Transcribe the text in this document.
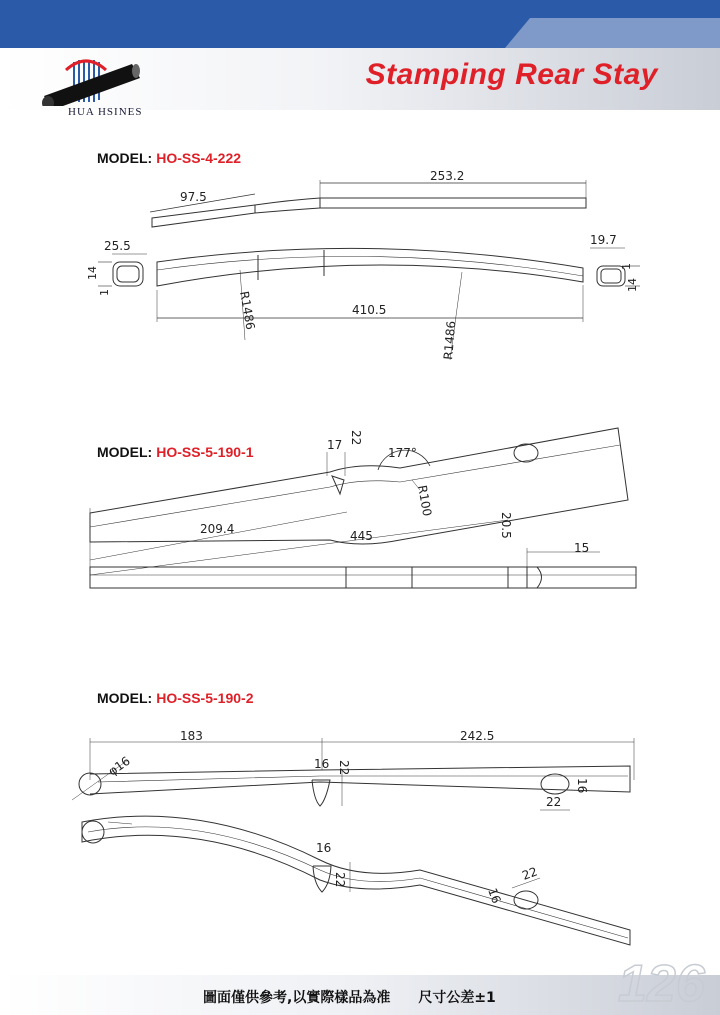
Stamping Rear Stay
HUA HSINES
MODEL: HO-SS-4-222
97.5
253.2
25.5
14
1
19.7
14
1
R1486	410.5
R1486
MODEL: HO-SS-5-190-1
22
17
177°
R100
209.4	445	20.5
15
MODEL: HO-SS-5-190-2
183	242.5
φ16	16 22
16
22
16
22
16
22
126
圖面僅供參考,以實際樣品為准　　尺寸公差±1
